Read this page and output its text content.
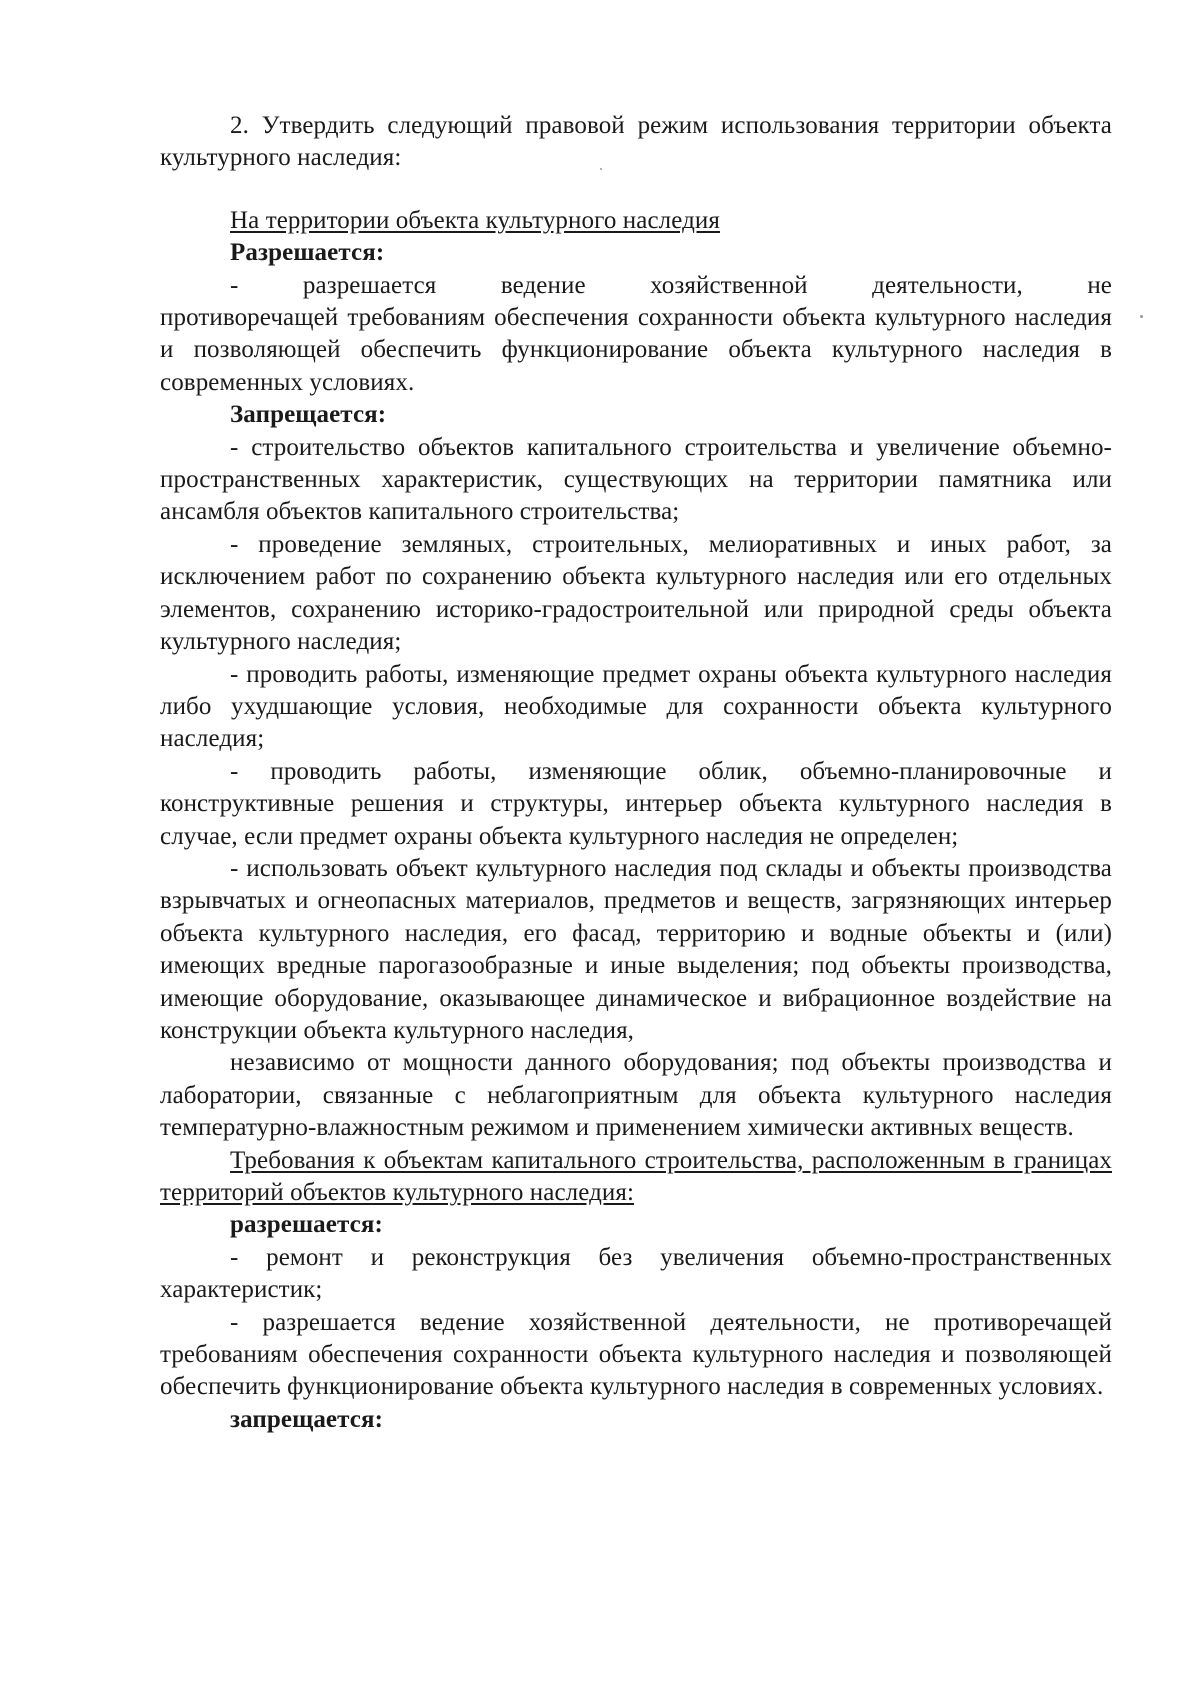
2. Утвердить следующий правовой режим использования территории объекта культурного наследия:

На территории объекта культурного наследия

Разрешается:

- разрешается ведение хозяйственной деятельности, не

противоречащей требованиям обеспечения сохранности объекта культурного наследия и позволяющей обеспечить функционирование объекта культурного наследия в современных условиях.

Запрещается:

- строительство объектов капитального строительства и увеличение объемно-пространственных характеристик, существующих на территории памятника или ансамбля объектов капитального строительства;

- проведение земляных, строительных, мелиоративных и иных работ, за исключением работ по сохранению объекта культурного наследия или его отдельных элементов, сохранению историко-градостроительной или природной среды объекта культурного наследия;

- проводить работы, изменяющие предмет охраны объекта культурного наследия либо ухудшающие условия, необходимые для сохранности объекта культурного наследия;

- проводить работы, изменяющие облик, объемно-планировочные и конструктивные решения и структуры, интерьер объекта культурного наследия в случае, если предмет охраны объекта культурного наследия не определен;

- использовать объект культурного наследия под склады и объекты производства взрывчатых и огнеопасных материалов, предметов и веществ, загрязняющих интерьер объекта культурного наследия, его фасад, территорию и водные объекты и (или) имеющих вредные парогазообразные и иные выделения; под объекты производства, имеющие оборудование, оказывающее динамическое и вибрационное воздействие на конструкции объекта культурного наследия,

независимо от мощности данного оборудования; под объекты производства и лаборатории, связанные с неблагоприятным для объекта культурного наследия температурно-влажностным режимом и применением химически активных веществ.

Требования к объектам капитального строительства, расположенным в границах территорий объектов культурного наследия:

разрешается:

- ремонт и реконструкция без увеличения объемно-пространственных характеристик;

- разрешается ведение хозяйственной деятельности, не противоречащей требованиям обеспечения сохранности объекта культурного наследия и позволяющей обеспечить функционирование объекта культурного наследия в современных условиях.

запрещается:
